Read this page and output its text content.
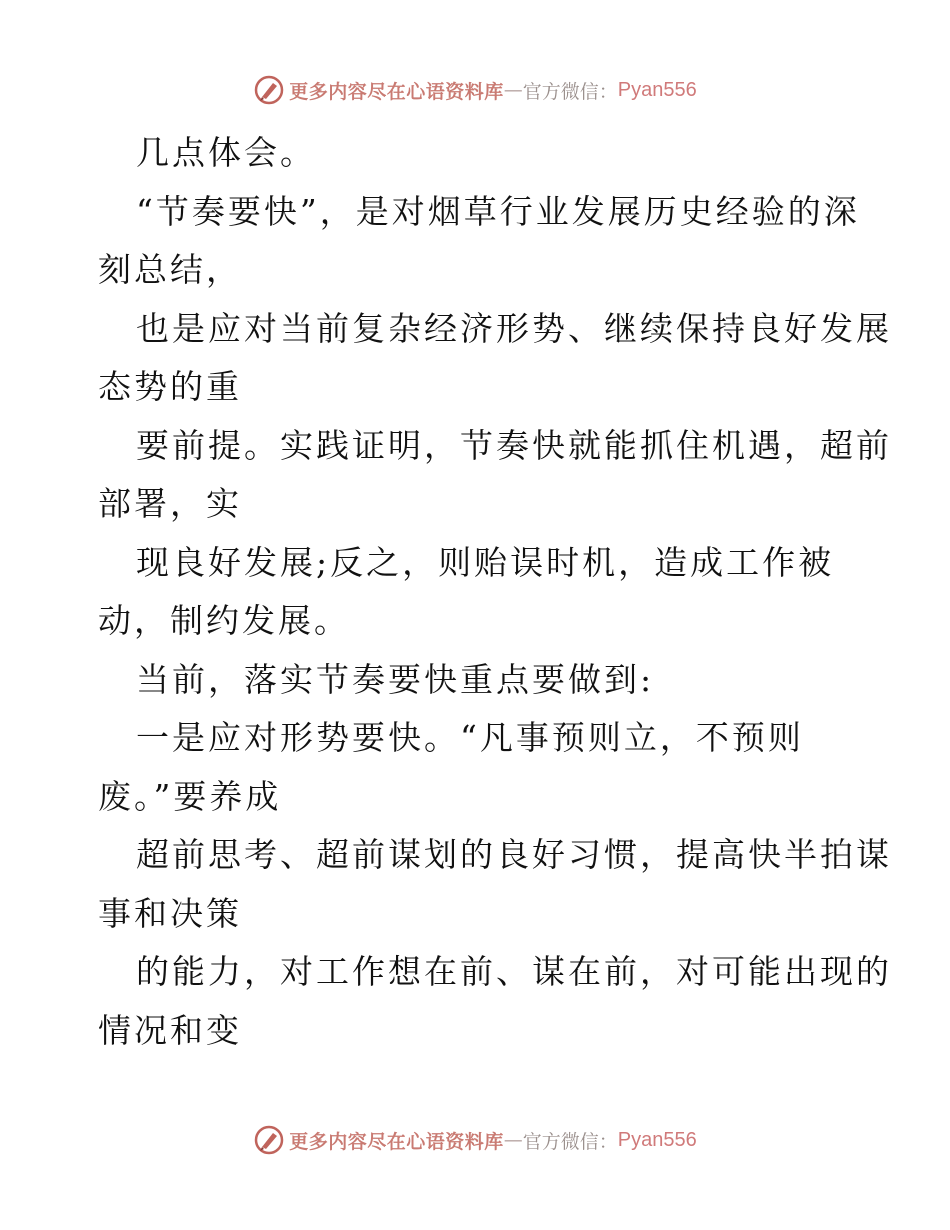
更多内容尽在心语资料库 — 官方微信： Pyan556
几点体会。
“节奏要快”，是对烟草行业发展历史经验的深
刻总结，
也是应对当前复杂经济形势、继续保持良好发展
态势的重
要前提。实践证明，节奏快就能抓住机遇，超前
部署，实
现良好发展;反之，则贻误时机，造成工作被
动，制约发展。
当前，落实节奏要快重点要做到:
一是应对形势要快。“凡事预则立，不预则
废。”要养成
超前思考、超前谋划的良好习惯，提高快半拍谋
事和决策
的能力，对工作想在前、谋在前，对可能出现的
情况和变
更多内容尽在心语资料库 — 官方微信： Pyan556
